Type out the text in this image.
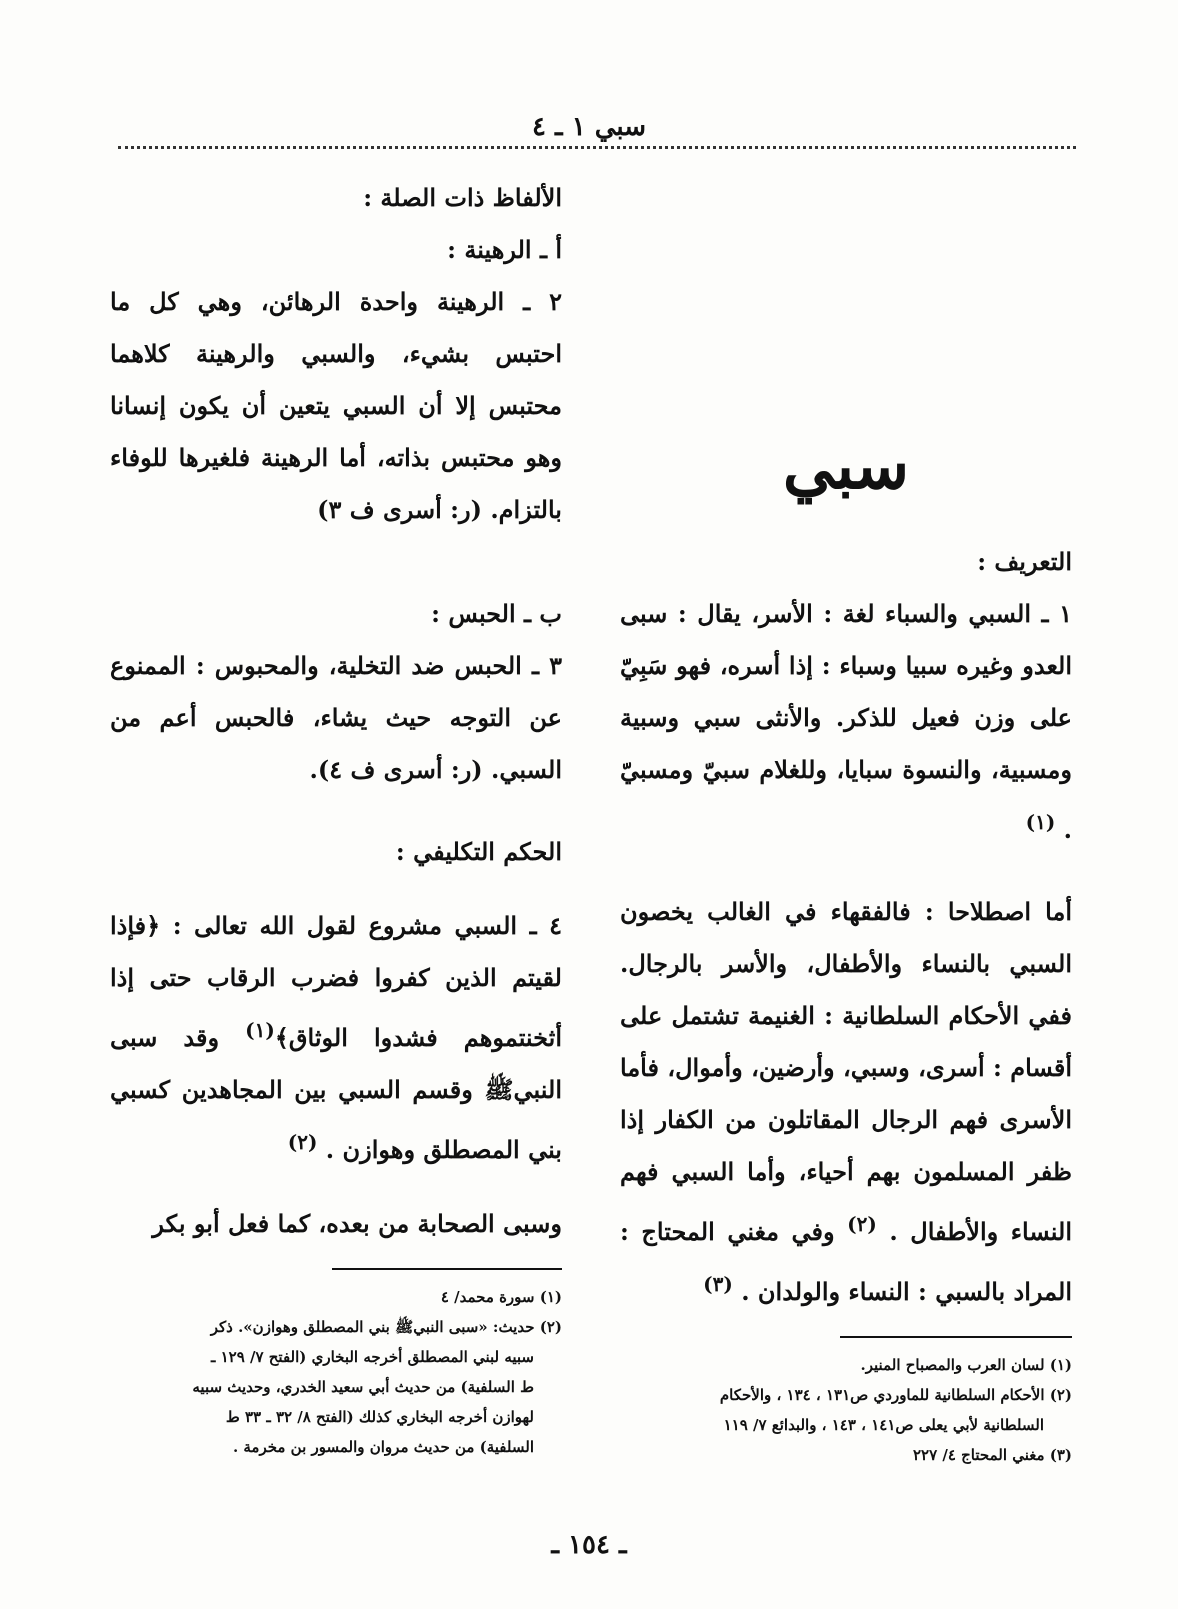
سبي ١ ـ ٤

الألفاظ ذات الصلة :

أ ـ الرهينة :

٢ ـ الرهينة واحدة الرهائن، وهي كل ما احتبس بشيء، والسبي والرهينة كلاهما محتبس إلا أن السبي يتعين أن يكون إنسانا وهو محتبس بذاته، أما الرهينة فلغيرها للوفاء بالتزام. (ر: أسرى ف ٣)

ب ـ الحبس :

٣ ـ الحبس ضد التخلية، والمحبوس : الممنوع عن التوجه حيث يشاء، فالحبس أعم من السبي. (ر: أسرى ف ٤).

الحكم التكليفي :

٤ ـ السبي مشروع لقول الله تعالى : ﴿فإذا لقيتم الذين كفروا فضرب الرقاب حتى إذا أثخنتموهم فشدوا الوثاق﴾$^{(١)}$ وقد سبى النبيﷺ وقسم السبي بين المجاهدين كسبي بني المصطلق وهوازن . $^{(٢)}$

وسبى الصحابة من بعده، كما فعل أبو بكر

(١) سورة محمد/ ٤

(٢) حديث: «سبى النبيﷺ بني المصطلق وهوازن». ذكر

سبيه لبني المصطلق أخرجه البخاري (الفتح ٧/ ١٢٩ ـ

ط السلفية) من حديث أبي سعيد الخدري، وحديث سبيه

لهوازن أخرجه البخاري كذلك (الفتح ٨/ ٣٢ ـ ٣٣ ط

السلفية) من حديث مروان والمسور بن مخرمة .

سبي

التعريف :

١ ـ السبي والسباء لغة : الأسر، يقال : سبى العدو وغيره سبيا وسباء : إذا أسره، فهو سَبِيّ على وزن فعيل للذكر. والأنثى سبي وسبية ومسبية، والنسوة سبايا، وللغلام سبيّ ومسبيّ . $^{(١)}$

أما اصطلاحا : فالفقهاء في الغالب يخصون السبي بالنساء والأطفال، والأسر بالرجال. ففي الأحكام السلطانية : الغنيمة تشتمل على أقسام : أسرى، وسبي، وأرضين، وأموال، فأما الأسرى فهم الرجال المقاتلون من الكفار إذا ظفر المسلمون بهم أحياء، وأما السبي فهم النساء والأطفال . $^{(٢)}$ وفي مغني المحتاج : المراد بالسبي : النساء والولدان . $^{(٣)}$

(١) لسان العرب والمصباح المنير.

(٢) الأحكام السلطانية للماوردي ص١٣١ ، ١٣٤ ، والأحكام

السلطانية لأبي يعلى ص١٤١ ، ١٤٣ ، والبدائع ٧/ ١١٩

(٣) مغني المحتاج ٤/ ٢٢٧

ـ ١٥٤ ـ
